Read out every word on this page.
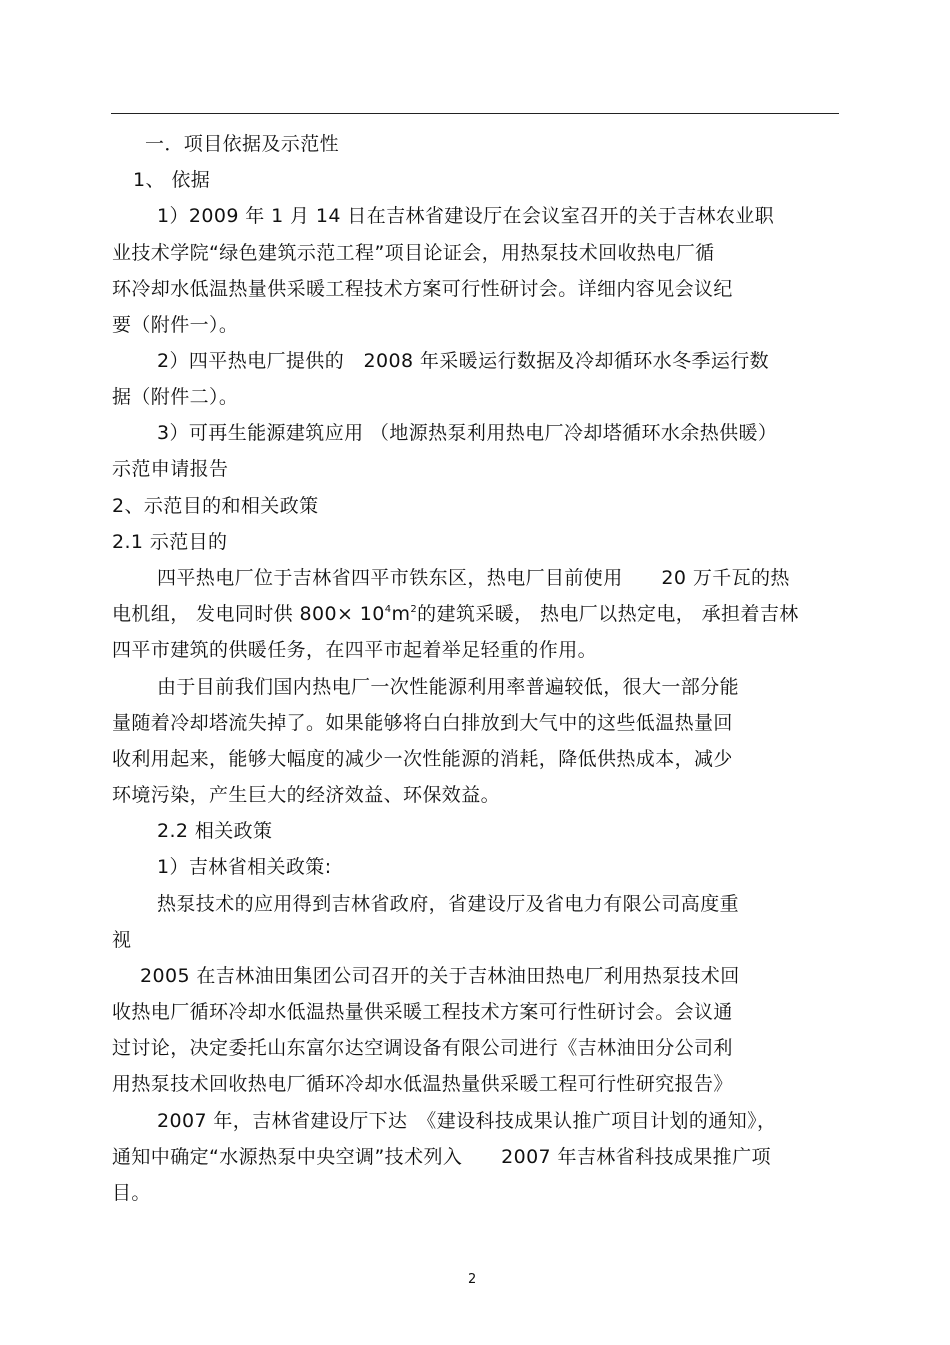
一．项目依据及示范性
1、 依据
1）2009 年 1 月 14 日在吉林省建设厅在会议室召开的关于吉林农业职
业技术学院“绿色建筑示范工程”项目论证会，用热泵技术回收热电厂循
环冷却水低温热量供采暖工程技术方案可行性研讨会。详细内容见会议纪
要（附件一）。
2）四平热电厂提供的　2008 年采暖运行数据及冷却循环水冬季运行数
据（附件二）。
3）可再生能源建筑应用 （地源热泵利用热电厂冷却塔循环水余热供暖）
示范申请报告
2、示范目的和相关政策
2.1 示范目的
四平热电厂位于吉林省四平市铁东区，热电厂目前使用　　20 万千瓦的热
电机组， 发电同时供 $800\times 10^4m^2$的建筑采暖， 热电厂以热定电， 承担着吉林
四平市建筑的供暖任务，在四平市起着举足轻重的作用。
由于目前我们国内热电厂一次性能源利用率普遍较低，很大一部分能
量随着冷却塔流失掉了。如果能够将白白排放到大气中的这些低温热量回
收利用起来，能够大幅度的减少一次性能源的消耗，降低供热成本，减少
环境污染，产生巨大的经济效益、环保效益。
2.2 相关政策
1）吉林省相关政策:
热泵技术的应用得到吉林省政府，省建设厅及省电力有限公司高度重
视
2005 在吉林油田集团公司召开的关于吉林油田热电厂利用热泵技术回
收热电厂循环冷却水低温热量供采暖工程技术方案可行性研讨会。会议通
过讨论，决定委托山东富尔达空调设备有限公司进行《吉林油田分公司利
用热泵技术回收热电厂循环冷却水低温热量供采暖工程可行性研究报告》
2007 年，吉林省建设厅下达　《建设科技成果认推广项目计划的通知》，
通知中确定“水源热泵中央空调”技术列入　　2007 年吉林省科技成果推广项
目。
2
